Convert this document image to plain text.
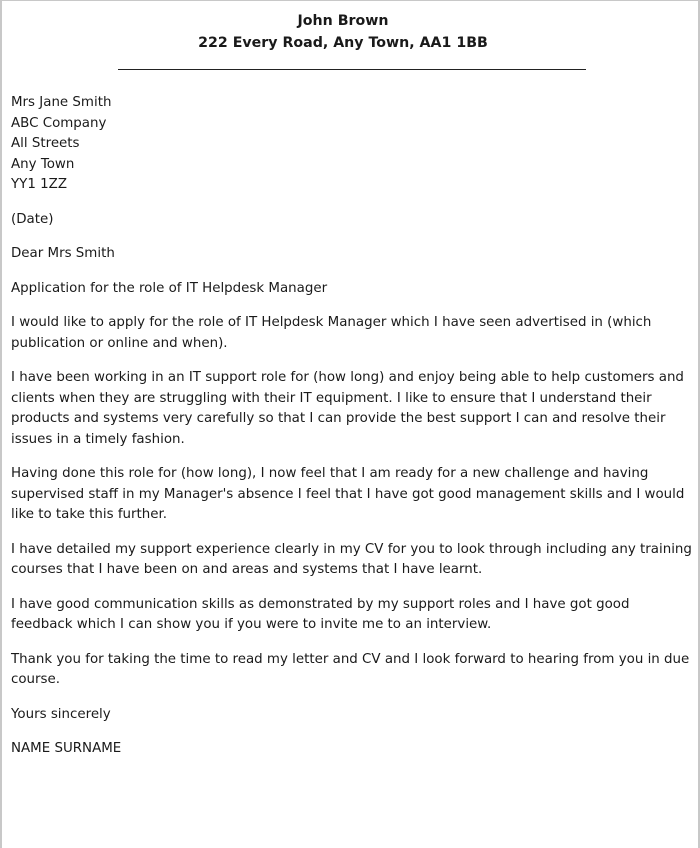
John Brown
222 Every Road, Any Town, AA1 1BB
Mrs Jane Smith
ABC Company
All Streets
Any Town
YY1 1ZZ

(Date)

Dear Mrs Smith

Application for the role of IT Helpdesk Manager

I would like to apply for the role of IT Helpdesk Manager which I have seen advertised in (which publication or online and when).

I have been working in an IT support role for (how long) and enjoy being able to help customers and clients when they are struggling with their IT equipment. I like to ensure that I understand their products and systems very carefully so that I can provide the best support I can and resolve their issues in a timely fashion.

Having done this role for (how long), I now feel that I am ready for a new challenge and having supervised staff in my Manager's absence I feel that I have got good management skills and I would like to take this further.

I have detailed my support experience clearly in my CV for you to look through including any training courses that I have been on and areas and systems that I have learnt.

I have good communication skills as demonstrated by my support roles and I have got good feedback which I can show you if you were to invite me to an interview.

Thank you for taking the time to read my letter and CV and I look forward to hearing from you in due course.

Yours sincerely

NAME SURNAME
